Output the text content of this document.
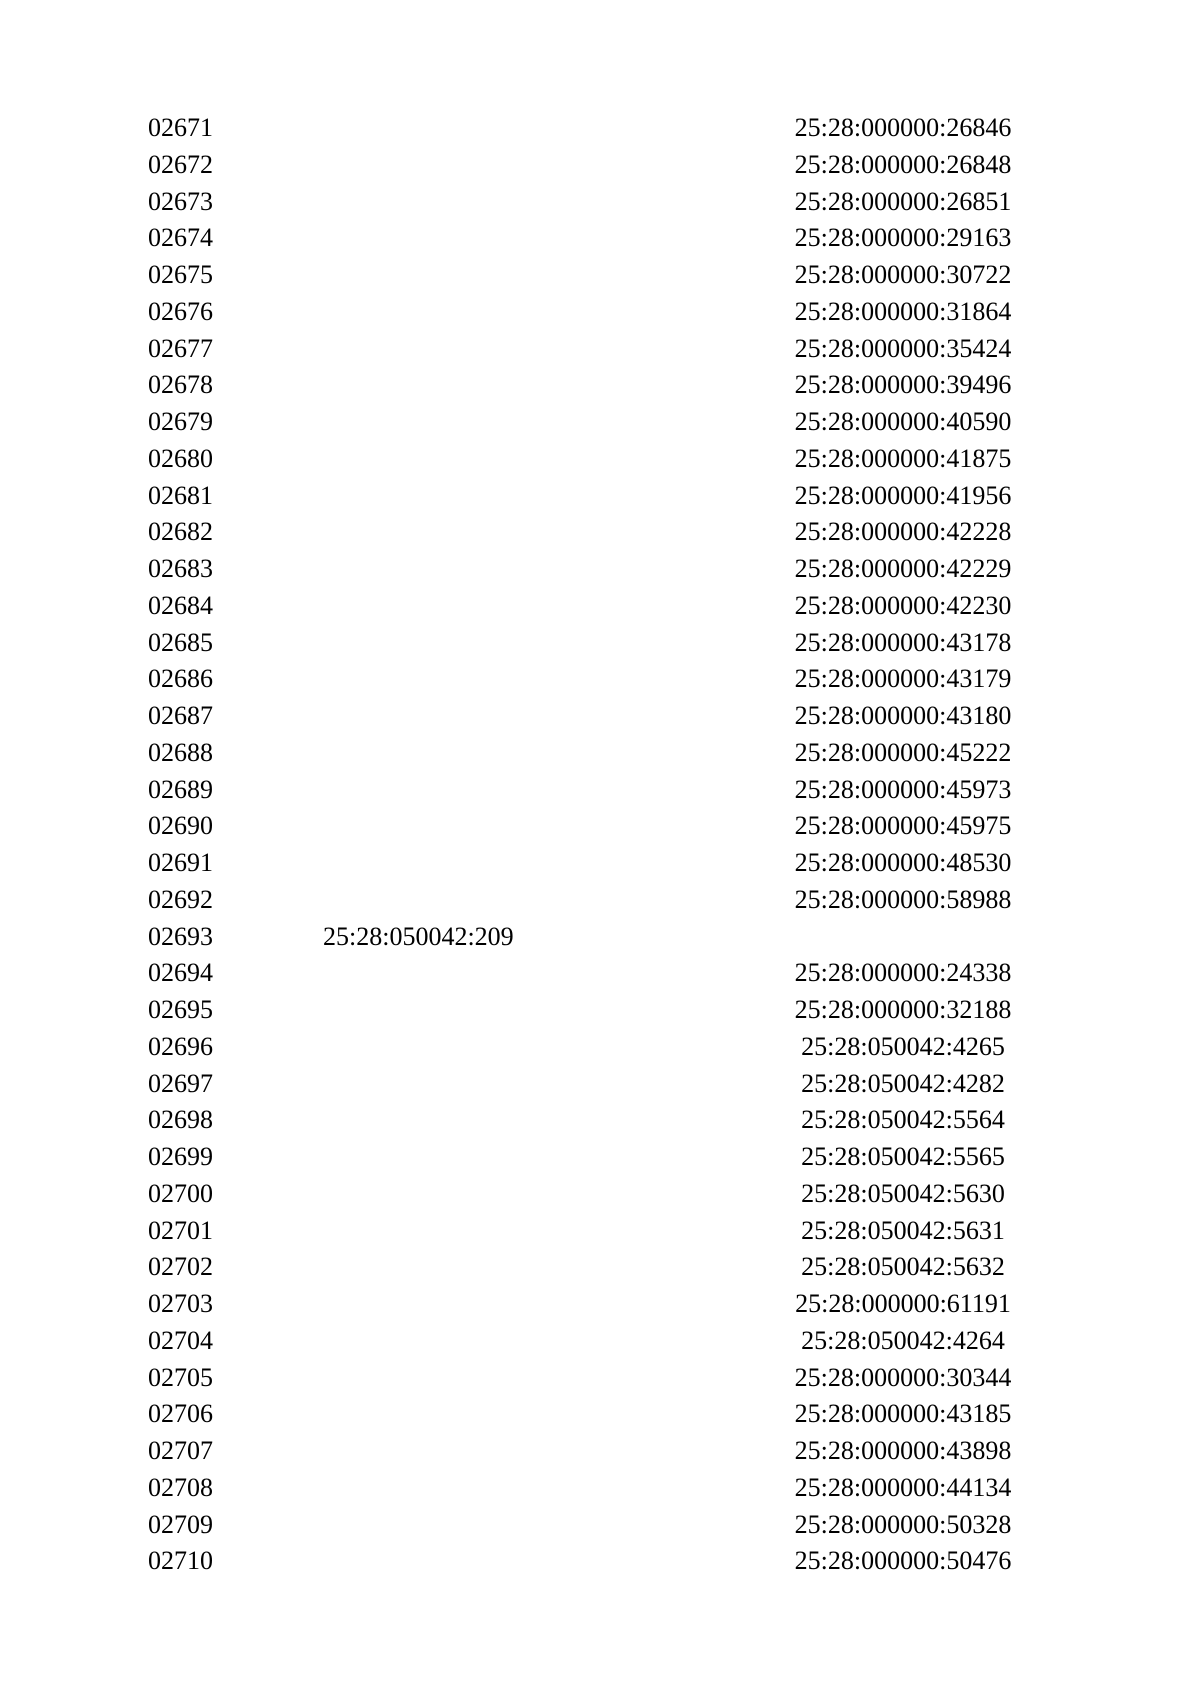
02671	25:28:000000:26846
02672	25:28:000000:26848
02673	25:28:000000:26851
02674	25:28:000000:29163
02675	25:28:000000:30722
02676	25:28:000000:31864
02677	25:28:000000:35424
02678	25:28:000000:39496
02679	25:28:000000:40590
02680	25:28:000000:41875
02681	25:28:000000:41956
02682	25:28:000000:42228
02683	25:28:000000:42229
02684	25:28:000000:42230
02685	25:28:000000:43178
02686	25:28:000000:43179
02687	25:28:000000:43180
02688	25:28:000000:45222
02689	25:28:000000:45973
02690	25:28:000000:45975
02691	25:28:000000:48530
02692	25:28:000000:58988
02693	25:28:050042:209
02694	25:28:000000:24338
02695	25:28:000000:32188
02696	25:28:050042:4265
02697	25:28:050042:4282
02698	25:28:050042:5564
02699	25:28:050042:5565
02700	25:28:050042:5630
02701	25:28:050042:5631
02702	25:28:050042:5632
02703	25:28:000000:61191
02704	25:28:050042:4264
02705	25:28:000000:30344
02706	25:28:000000:43185
02707	25:28:000000:43898
02708	25:28:000000:44134
02709	25:28:000000:50328
02710	25:28:000000:50476
